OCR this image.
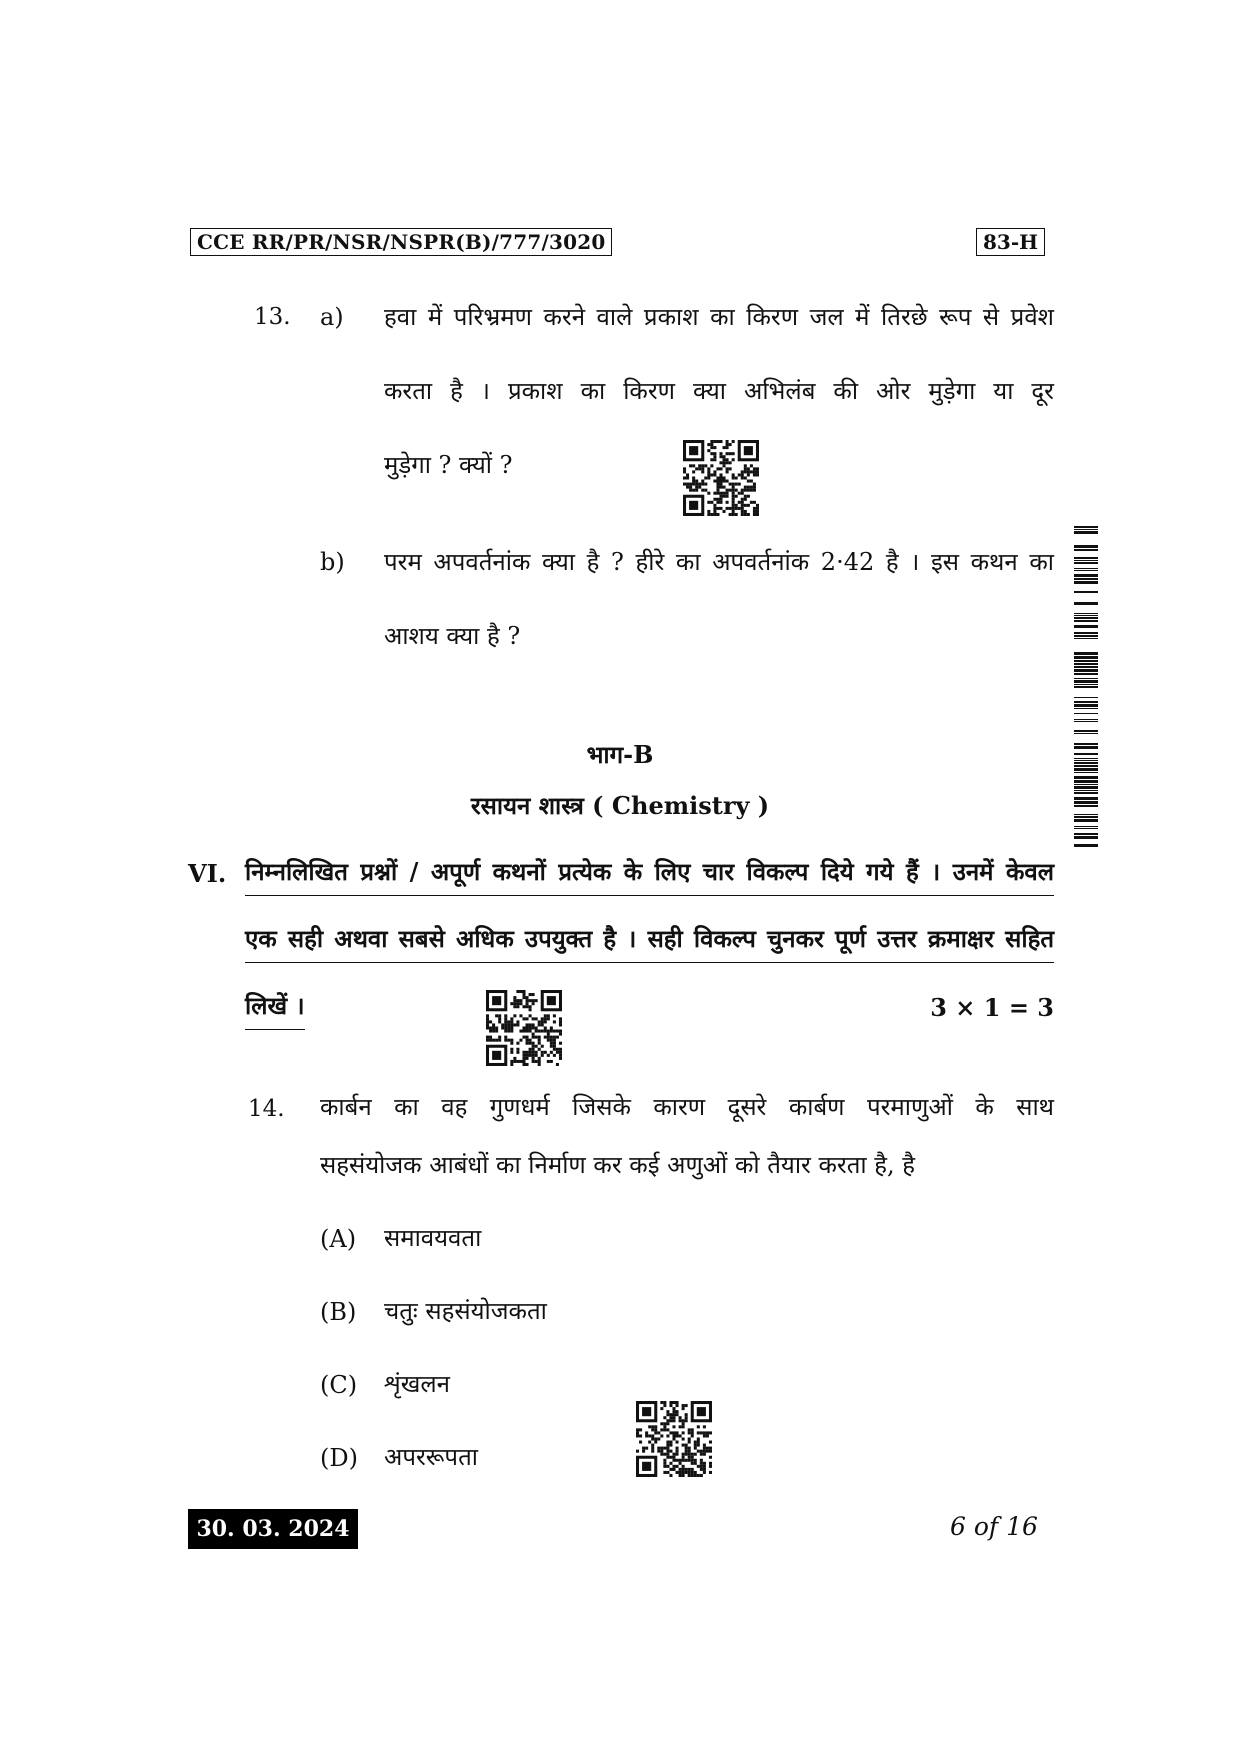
CCE RR/PR/NSR/NSPR(B)/777/3020	83-H
13. a) हवा में परिभ्रमण करने वाले प्रकाश का किरण जल में तिरछे रूप से प्रवेश
करता है । प्रकाश का किरण क्या अभिलंब की ओर मुड़ेगा या दूर
मुड़ेगा ? क्यों ?
b) परम अपवर्तनांक क्या है ? हीरे का अपवर्तनांक 2·42 है । इस कथन का
आशय क्या है ?
भाग-B
रसायन शास्त्र ( Chemistry )
VI. निम्नलिखित प्रश्नों / अपूर्ण कथनों प्रत्येक के लिए चार विकल्प दिये गये हैं । उनमें केवल
एक सही अथवा सबसे अधिक उपयुक्त है । सही विकल्प चुनकर पूर्ण उत्तर क्रमाक्षर सहित
लिखें ।	3 × 1 = 3
14. कार्बन का वह गुणधर्म जिसके कारण दूसरे कार्बण परमाणुओं के साथ
सहसंयोजक आबंधों का निर्माण कर कई अणुओं को तैयार करता है, है
(A) समावयवता
(B) चतुः सहसंयोजकता
(C) शृंखलन
(D) अपररूपता
30. 03. 2024	6 of 16
